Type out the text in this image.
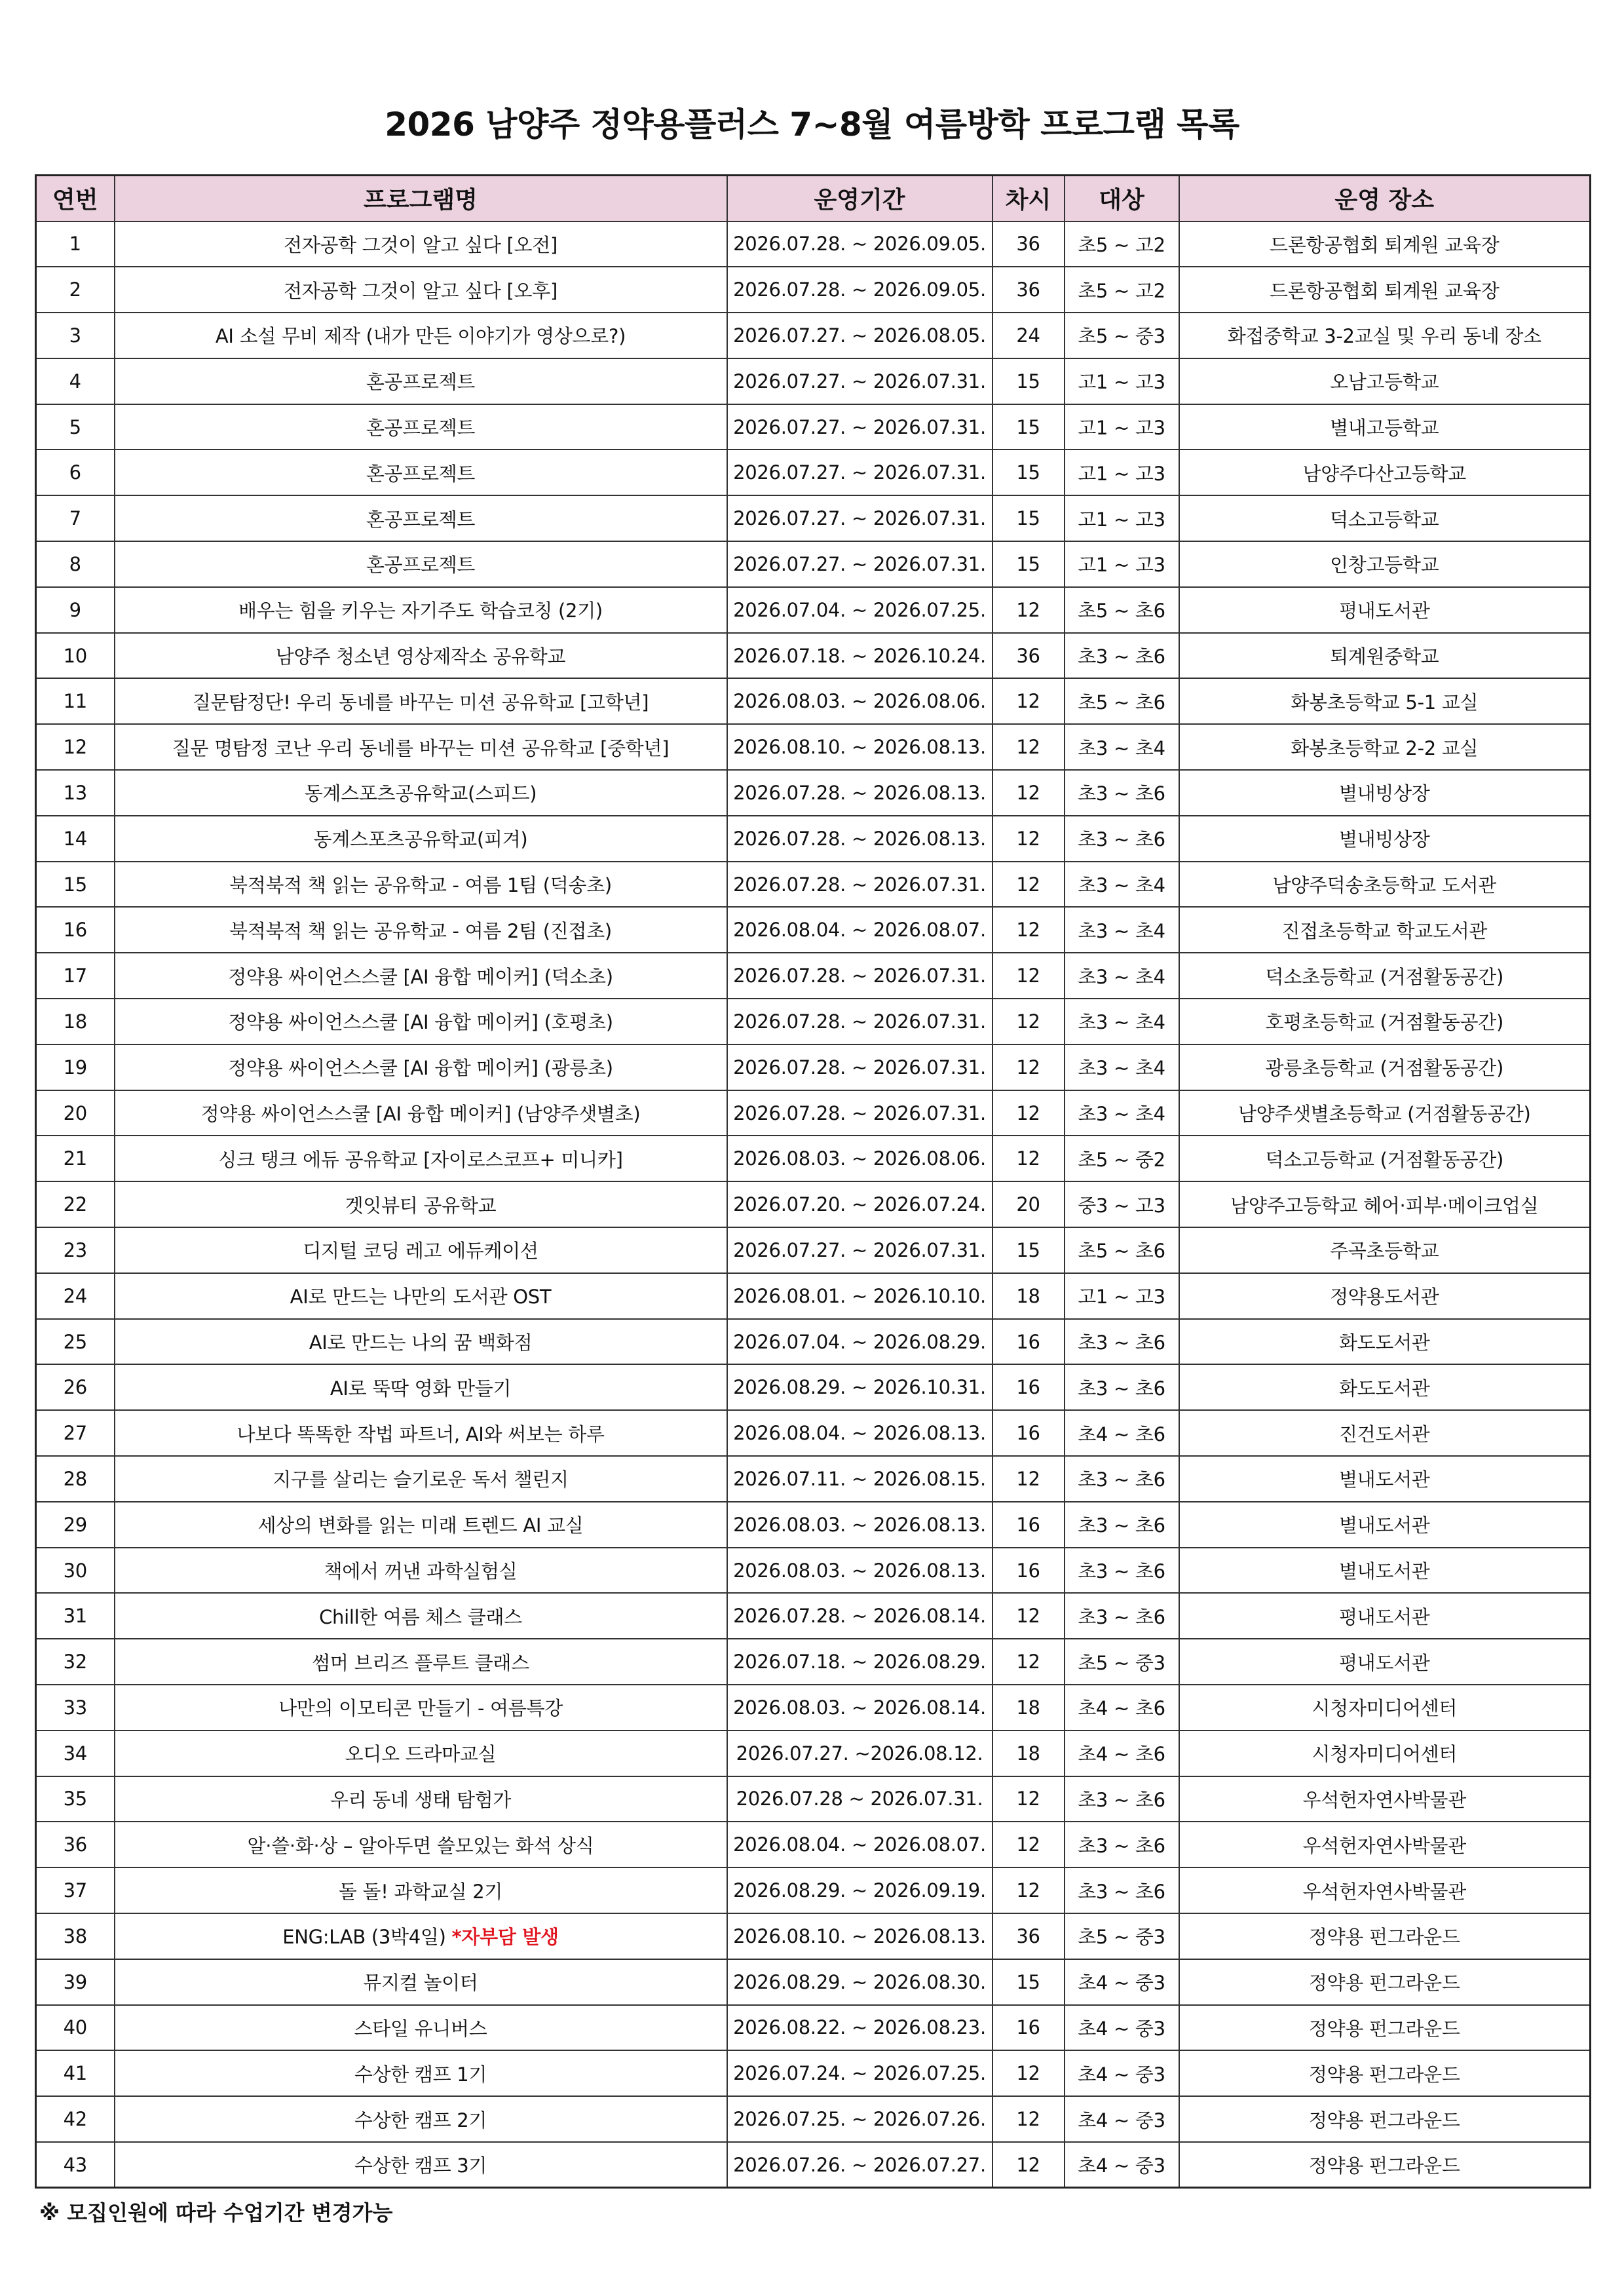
2026 남양주 정약용플러스 7~8월 여름방학 프로그램 목록
연번	프로그램명	운영기간	차시	대상	운영 장소
1	전자공학 그것이 알고 싶다 [오전]	2026.07.28. ~ 2026.09.05.	36	초5 ~ 고2	드론항공협회 퇴계원 교육장
2	전자공학 그것이 알고 싶다 [오후]	2026.07.28. ~ 2026.09.05.	36	초5 ~ 고2	드론항공협회 퇴계원 교육장
3	AI 소설 무비 제작 (내가 만든 이야기가 영상으로?)	2026.07.27. ~ 2026.08.05.	24	초5 ~ 중3	화접중학교 3-2교실 및 우리 동네 장소
4	혼공프로젝트	2026.07.27. ~ 2026.07.31.	15	고1 ~ 고3	오남고등학교
5	혼공프로젝트	2026.07.27. ~ 2026.07.31.	15	고1 ~ 고3	별내고등학교
6	혼공프로젝트	2026.07.27. ~ 2026.07.31.	15	고1 ~ 고3	남양주다산고등학교
7	혼공프로젝트	2026.07.27. ~ 2026.07.31.	15	고1 ~ 고3	덕소고등학교
8	혼공프로젝트	2026.07.27. ~ 2026.07.31.	15	고1 ~ 고3	인창고등학교
9	배우는 힘을 키우는 자기주도 학습코칭 (2기)	2026.07.04. ~ 2026.07.25.	12	초5 ~ 초6	평내도서관
10	남양주 청소년 영상제작소 공유학교	2026.07.18. ~ 2026.10.24.	36	초3 ~ 초6	퇴계원중학교
11	질문탐정단! 우리 동네를 바꾸는 미션 공유학교 [고학년]	2026.08.03. ~ 2026.08.06.	12	초5 ~ 초6	화봉초등학교 5-1 교실
12	질문 명탐정 코난 우리 동네를 바꾸는 미션 공유학교 [중학년]	2026.08.10. ~ 2026.08.13.	12	초3 ~ 초4	화봉초등학교 2-2 교실
13	동계스포츠공유학교(스피드)	2026.07.28. ~ 2026.08.13.	12	초3 ~ 초6	별내빙상장
14	동계스포츠공유학교(피겨)	2026.07.28. ~ 2026.08.13.	12	초3 ~ 초6	별내빙상장
15	북적북적 책 읽는 공유학교 - 여름 1팀 (덕송초)	2026.07.28. ~ 2026.07.31.	12	초3 ~ 초4	남양주덕송초등학교 도서관
16	북적북적 책 읽는 공유학교 - 여름 2팀 (진접초)	2026.08.04. ~ 2026.08.07.	12	초3 ~ 초4	진접초등학교 학교도서관
17	정약용 싸이언스스쿨 [AI 융합 메이커] (덕소초)	2026.07.28. ~ 2026.07.31.	12	초3 ~ 초4	덕소초등학교 (거점활동공간)
18	정약용 싸이언스스쿨 [AI 융합 메이커] (호평초)	2026.07.28. ~ 2026.07.31.	12	초3 ~ 초4	호평초등학교 (거점활동공간)
19	정약용 싸이언스스쿨 [AI 융합 메이커] (광릉초)	2026.07.28. ~ 2026.07.31.	12	초3 ~ 초4	광릉초등학교 (거점활동공간)
20	정약용 싸이언스스쿨 [AI 융합 메이커] (남양주샛별초)	2026.07.28. ~ 2026.07.31.	12	초3 ~ 초4	남양주샛별초등학교 (거점활동공간)
21	싱크 탱크 에듀 공유학교 [자이로스코프+ 미니카]	2026.08.03. ~ 2026.08.06.	12	초5 ~ 중2	덕소고등학교 (거점활동공간)
22	겟잇뷰티 공유학교	2026.07.20. ~ 2026.07.24.	20	중3 ~ 고3	남양주고등학교 헤어·피부·메이크업실
23	디지털 코딩 레고 에듀케이션	2026.07.27. ~ 2026.07.31.	15	초5 ~ 초6	주곡초등학교
24	AI로 만드는 나만의 도서관 OST	2026.08.01. ~ 2026.10.10.	18	고1 ~ 고3	정약용도서관
25	AI로 만드는 나의 꿈 백화점	2026.07.04. ~ 2026.08.29.	16	초3 ~ 초6	화도도서관
26	AI로 뚝딱 영화 만들기	2026.08.29. ~ 2026.10.31.	16	초3 ~ 초6	화도도서관
27	나보다 똑똑한 작법 파트너, AI와 써보는 하루	2026.08.04. ~ 2026.08.13.	16	초4 ~ 초6	진건도서관
28	지구를 살리는 슬기로운 독서 챌린지	2026.07.11. ~ 2026.08.15.	12	초3 ~ 초6	별내도서관
29	세상의 변화를 읽는 미래 트렌드 AI 교실	2026.08.03. ~ 2026.08.13.	16	초3 ~ 초6	별내도서관
30	책에서 꺼낸 과학실험실	2026.08.03. ~ 2026.08.13.	16	초3 ~ 초6	별내도서관
31	Chill한 여름 체스 클래스	2026.07.28. ~ 2026.08.14.	12	초3 ~ 초6	평내도서관
32	썸머 브리즈 플루트 클래스	2026.07.18. ~ 2026.08.29.	12	초5 ~ 중3	평내도서관
33	나만의 이모티콘 만들기 - 여름특강	2026.08.03. ~ 2026.08.14.	18	초4 ~ 초6	시청자미디어센터
34	오디오 드라마교실	2026.07.27. ~2026.08.12.	18	초4 ~ 초6	시청자미디어센터
35	우리 동네 생태 탐험가	2026.07.28 ~ 2026.07.31.	12	초3 ~ 초6	우석헌자연사박물관
36	알·쓸·화·상 – 알아두면 쓸모있는 화석 상식	2026.08.04. ~ 2026.08.07.	12	초3 ~ 초6	우석헌자연사박물관
37	돌 돌! 과학교실 2기	2026.08.29. ~ 2026.09.19.	12	초3 ~ 초6	우석헌자연사박물관
38	ENG:LAB (3박4일) *자부담 발생	2026.08.10. ~ 2026.08.13.	36	초5 ~ 중3	정약용 펀그라운드
39	뮤지컬 놀이터	2026.08.29. ~ 2026.08.30.	15	초4 ~ 중3	정약용 펀그라운드
40	스타일 유니버스	2026.08.22. ~ 2026.08.23.	16	초4 ~ 중3	정약용 펀그라운드
41	수상한 캠프 1기	2026.07.24. ~ 2026.07.25.	12	초4 ~ 중3	정약용 펀그라운드
42	수상한 캠프 2기	2026.07.25. ~ 2026.07.26.	12	초4 ~ 중3	정약용 펀그라운드
43	수상한 캠프 3기	2026.07.26. ~ 2026.07.27.	12	초4 ~ 중3	정약용 펀그라운드
※ 모집인원에 따라 수업기간 변경가능
